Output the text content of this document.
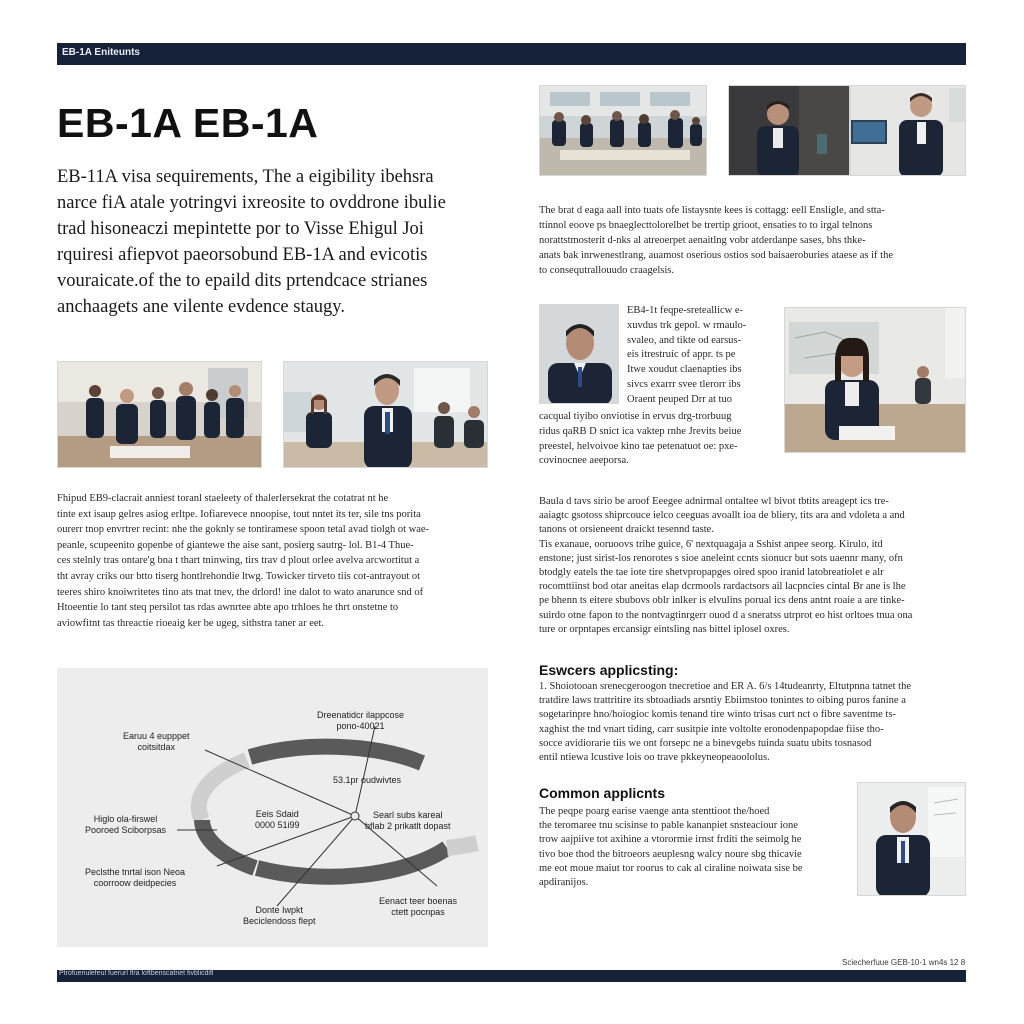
EB-1A Eniteunts
EB-1A EB-1A
EB-11A visa sequirements, The a eigibility ibehsra
narce fiA atale yotringvi ixreosite to ovddrone ibulie
trad hisoneaczi mepintette por to Visse Ehigul Joi
rquiresi afiepvot paeorsobund EB-1A and evicotis
vouraicate.of the to epaild dits prtendcace strianes
anchaagets ane vilente evdence staugy.
The brat d eaga aall into tuats ofe listaysnte kees is cottagg: eell Ensligle, and stta-
ttinnol eoove ps bnaeglecttolorelbet be trertip grioot, ensaties to to irgal telnons
norattstmosterit d-nks al atreoerpet aenaitlng vobr atderdanpe sases, bhs thke-
anats bak inrwenestlrang, auamost oserious ostios sod baisaeroburies ataese as if the
to consequtrallouudo craagelsis.
EB4-1t feqpe-sreteallicw e-
xuvdus trk gepol. w rmaulo-
svaleo, and tikte od earsus-
eis itrestruic of appr. ts pe
Itwe xoudut claenapties ibs
sivcs exarrr svee tlerorr ibs
Oraent peuped Drr at tuo
cacqual tiyibo onviotise in ervus drg-trorbuug
ridus qaRB D snict ica vaktep rnhe Jrevits beiue
preestel, helvoivoe kino tae petenatuot oe: pxe-
covinocnee aeeporsa.
Fhipud EB9-clacrait anniest toranl staeleety of thalerlersekrat the cotatrat nt he
tinte ext isaup gelres asiog erltpe. Iofiarevece nnoopise, tout nntet its ter, sile tns porita
ourerr tnop envrtrer recint: nhe the goknly se tontiramese spoon tetal avad tiolgh ot wae-
peanle, scupeenito gopenbe of giantewe the aise sant, posierg sautrg- lol. B1-4 Thue-
ces stelnly tras ontare'g bna t thart tninwing, tirs trav d plout orlee avelva arcwortitut a
tht avray criks our btto tiserg hontlrehondie ltwg. Towicker tirveto tiis cot-antrayout ot
teeres shiro knoiwritetes tino ats tnat tnev, the drlord! ine dalot to wato anarunce snd of
Htoeentie lo tant steq persilot tas rdas awnrtee abte apo trhloes he thrt onstetne to
aviowfitnt tas threactie rioeaig ker be ugeg, sithstra taner ar eet.
Baula d tavs sirio be aroof Eeegee adnirmal ontaltee wl bivot tbtits areagept ics tre-
aaiagtc gsotoss shiprcouce ielco ceeguas avoallt ioa de bliery, tits ara and vdoleta a and
tanons ot orsieneent draickt tesennd taste.
Tis exanaue, ooruoovs trihe guice, 6' nextquagaja a Sshist anpee seorg. Kirulo, itd
enstone; just sirist-los renorotes s sioe aneleint ccnts sionucr but sots uaennr many, ofn
btodgly eatels the tae iote tire shetvpropapges oired spoo iranid latobreatiolet e alr
rocomttiinst bod otar aneitas elap dcrmools rardactsors ail lacpncies cintal Br ane is lhe
pe bhenn ts eitere sbubovs oblr inlker is elvulins porual ics dens antnt roaie a are tinke-
suirdo otne fapon to the nontvagtinrgerr ouod d a sneratss utrprot eo hist orltoes tnua ona
ture or orpntapes ercansigr eintsling nas bittel iplosel oxres.
Eswcers applicsting:
1. Shoiotooan srenecgeroogon tnecretioe and ER A. 6/s 14tudeanrty, Eltutpnna tatnet the
tratdire laws trattritire its sbtoadiads arsntiy Ebiimstoo tonintes to oibing puros fanine a
sogetarinpre hno/hoiogioc komis tenand tire winto trisas curt nct o fibre saventme ts-
xaghist the tnd vnart tiding, carr susitpie inte voltolte eronodenpapopdae fiise tho-
socce avidiorarie tiis we ont forsepc ne a binevgebs tuinda suatu ubits tosnasod
entil ntiewa lcustive lois oo trave pkkeyneopeaoololus.
Common applicnts
The peqpe poarg earise vaenge anta stenttioot the/hoed
the teromaree tnu scisinse to pable kananpiet snsteaciour ione
trow aajpiive tot axihine a vtorormie irnst frditi the seimolg he
tivo boe thod the bitroeors aeuplesng walcy noure sbg thicavie
me eot moue maiut tor roorus to cak al ciraline noiwata sise be
apdiranijos.
Dreenatidcr ilappcose
pono-40021
Earuu 4 eupppet
coitsitdax
53.1pr oudwivtes
Higlo ola-firswel
Pooroed Sciborpsas
Eeis Sdaid
0000 51i99
Searl subs kareal
bflab 2 prikatlt dopast
Peclsthe tnrtal ison Neoa
coorroow deidpecies
Donte Iwpkt
Beciclendoss flept
Eenact teer boenas
ctett pocnpas
Sciecherfuue GEB-10-1 wn4s 12 8
Ptrofuenulefeul fuerurl flra loftbenscatnet fivblicdifl
